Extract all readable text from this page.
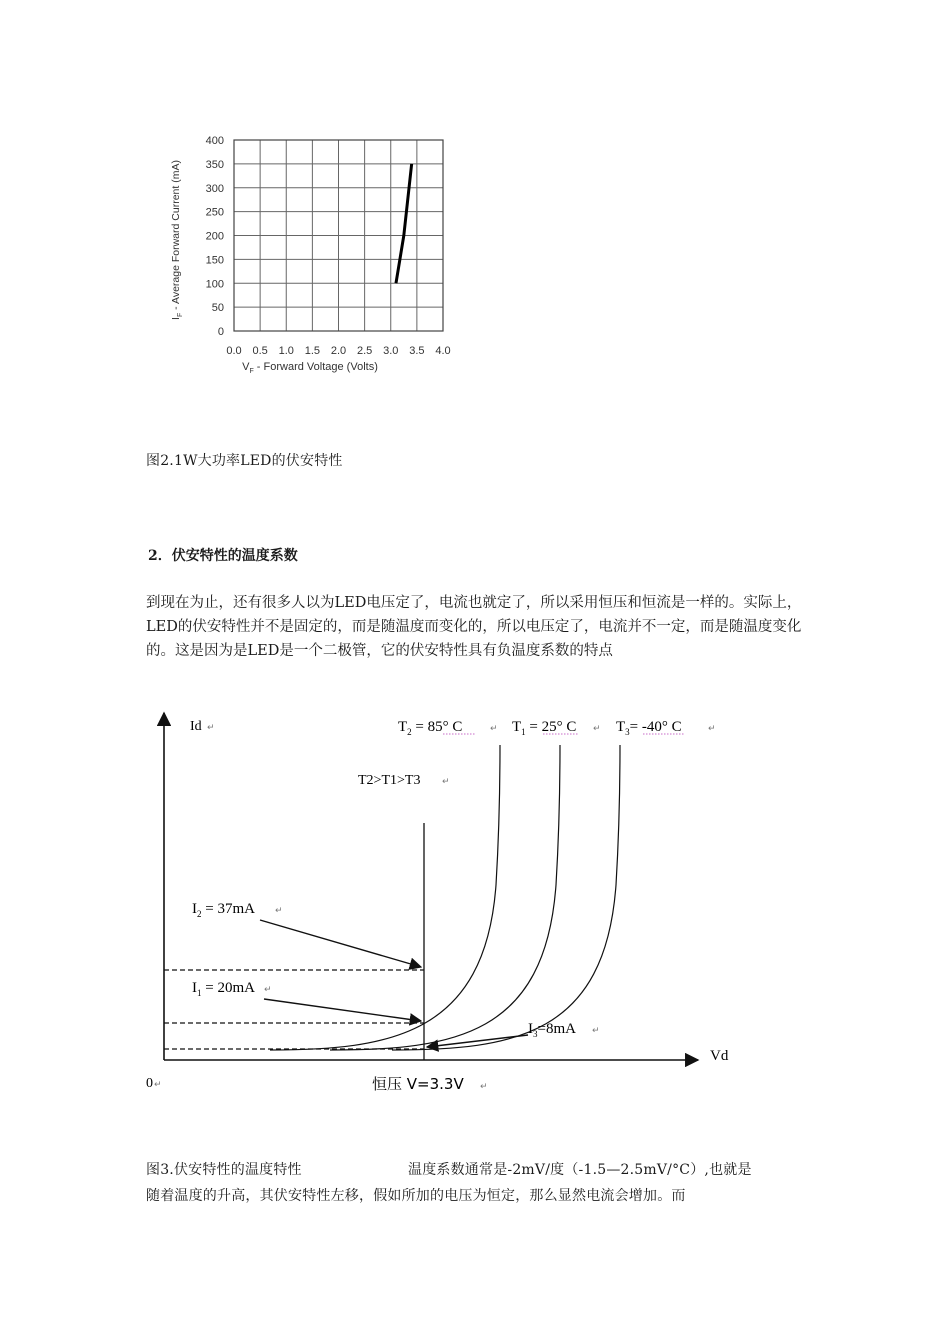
0.0 0.5 1.0 1.5 2.0 2.5 3.0 3.5 4.0
0
50
100
150
200
250
300
350
400
$V_F$ - Forward Voltage (Volts)
$I_F$ - Average Forward Current (mA)
图2.1W大功率LED的伏安特性
2．伏安特性的温度系数

到现在为止，还有很多人以为LED电压定了，电流也就定了，所以采用恒压和恒流是一样的。实际上，LED的伏安特性并不是固定的，而是随温度而变化的，所以电压定了，电流并不一定，而是随温度变化的。这是因为是LED是一个二极管，它的伏安特性具有负温度系数的特点

Id ↵
Vd
0 ↵
$T_2 = 85^\circ$ C	↵ $T_1 = 25^\circ$ C ↵ $T_3= -40^\circ$ C	↵
T2>T1>T3 ↵
$I_2 = 37mA$ ↵
$I_1 = 20mA$ ↵
$I_3=8mA$ ↵
恒压 V=3.3V ↵
图3.伏安特性的温度特性	温度系数通常是-2mV/度（-1.5—2.5mV/°C）,也就是
随着温度的升高，其伏安特性左移，假如所加的电压为恒定，那么显然电流会增加。而
